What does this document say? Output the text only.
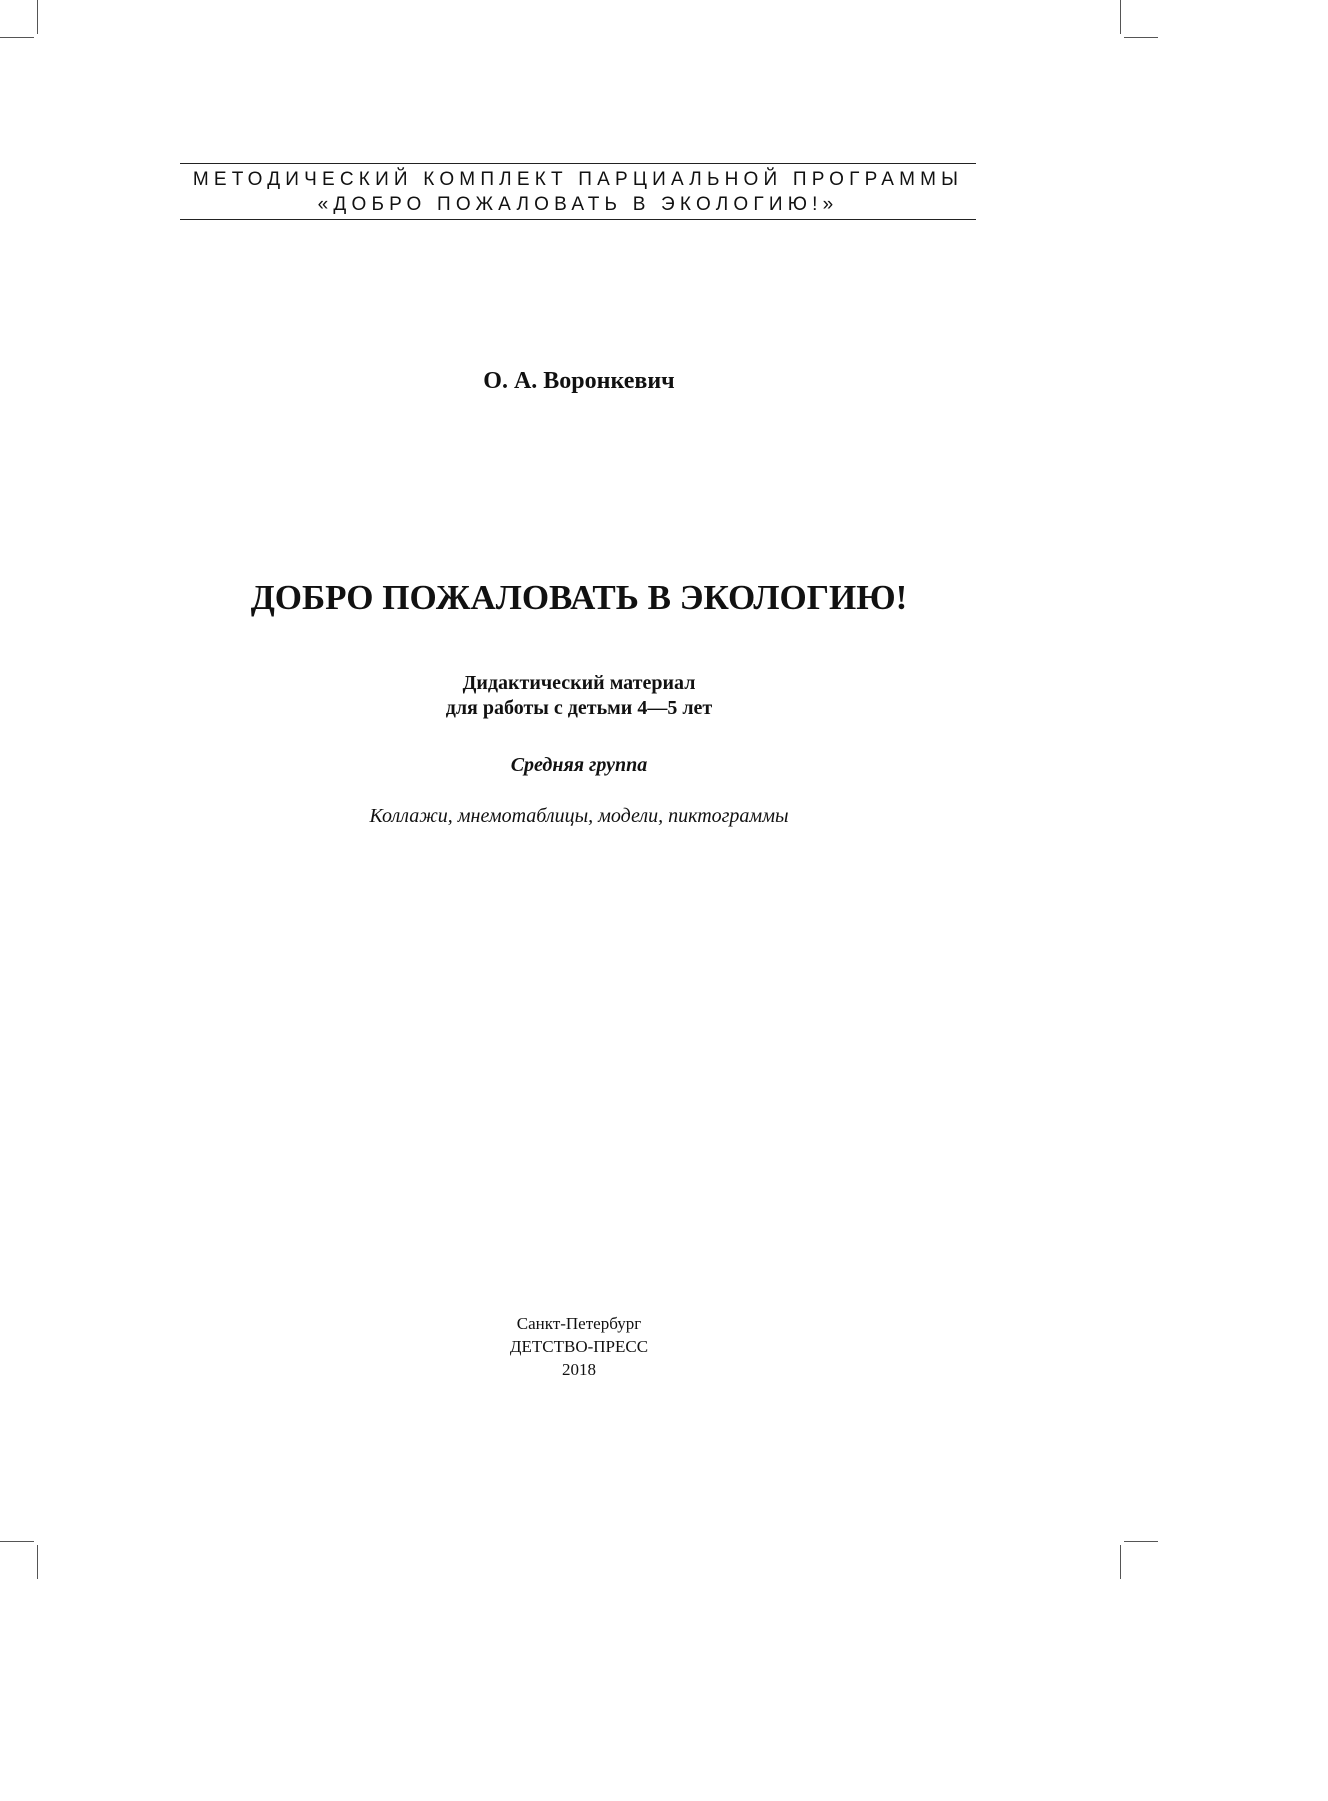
МЕТОДИЧЕСКИЙ КОМПЛЕКТ ПАРЦИАЛЬНОЙ ПРОГРАММЫ
«ДОБРО ПОЖАЛОВАТЬ В ЭКОЛОГИЮ!»
О. А. Воронкевич
ДОБРО ПОЖАЛОВАТЬ В ЭКОЛОГИЮ!
Дидактический материал
для работы с детьми 4—5 лет
Средняя группа
Коллажи, мнемотаблицы, модели, пиктограммы
Санкт-Петербург
ДЕТСТВО-ПРЕСС
2018
